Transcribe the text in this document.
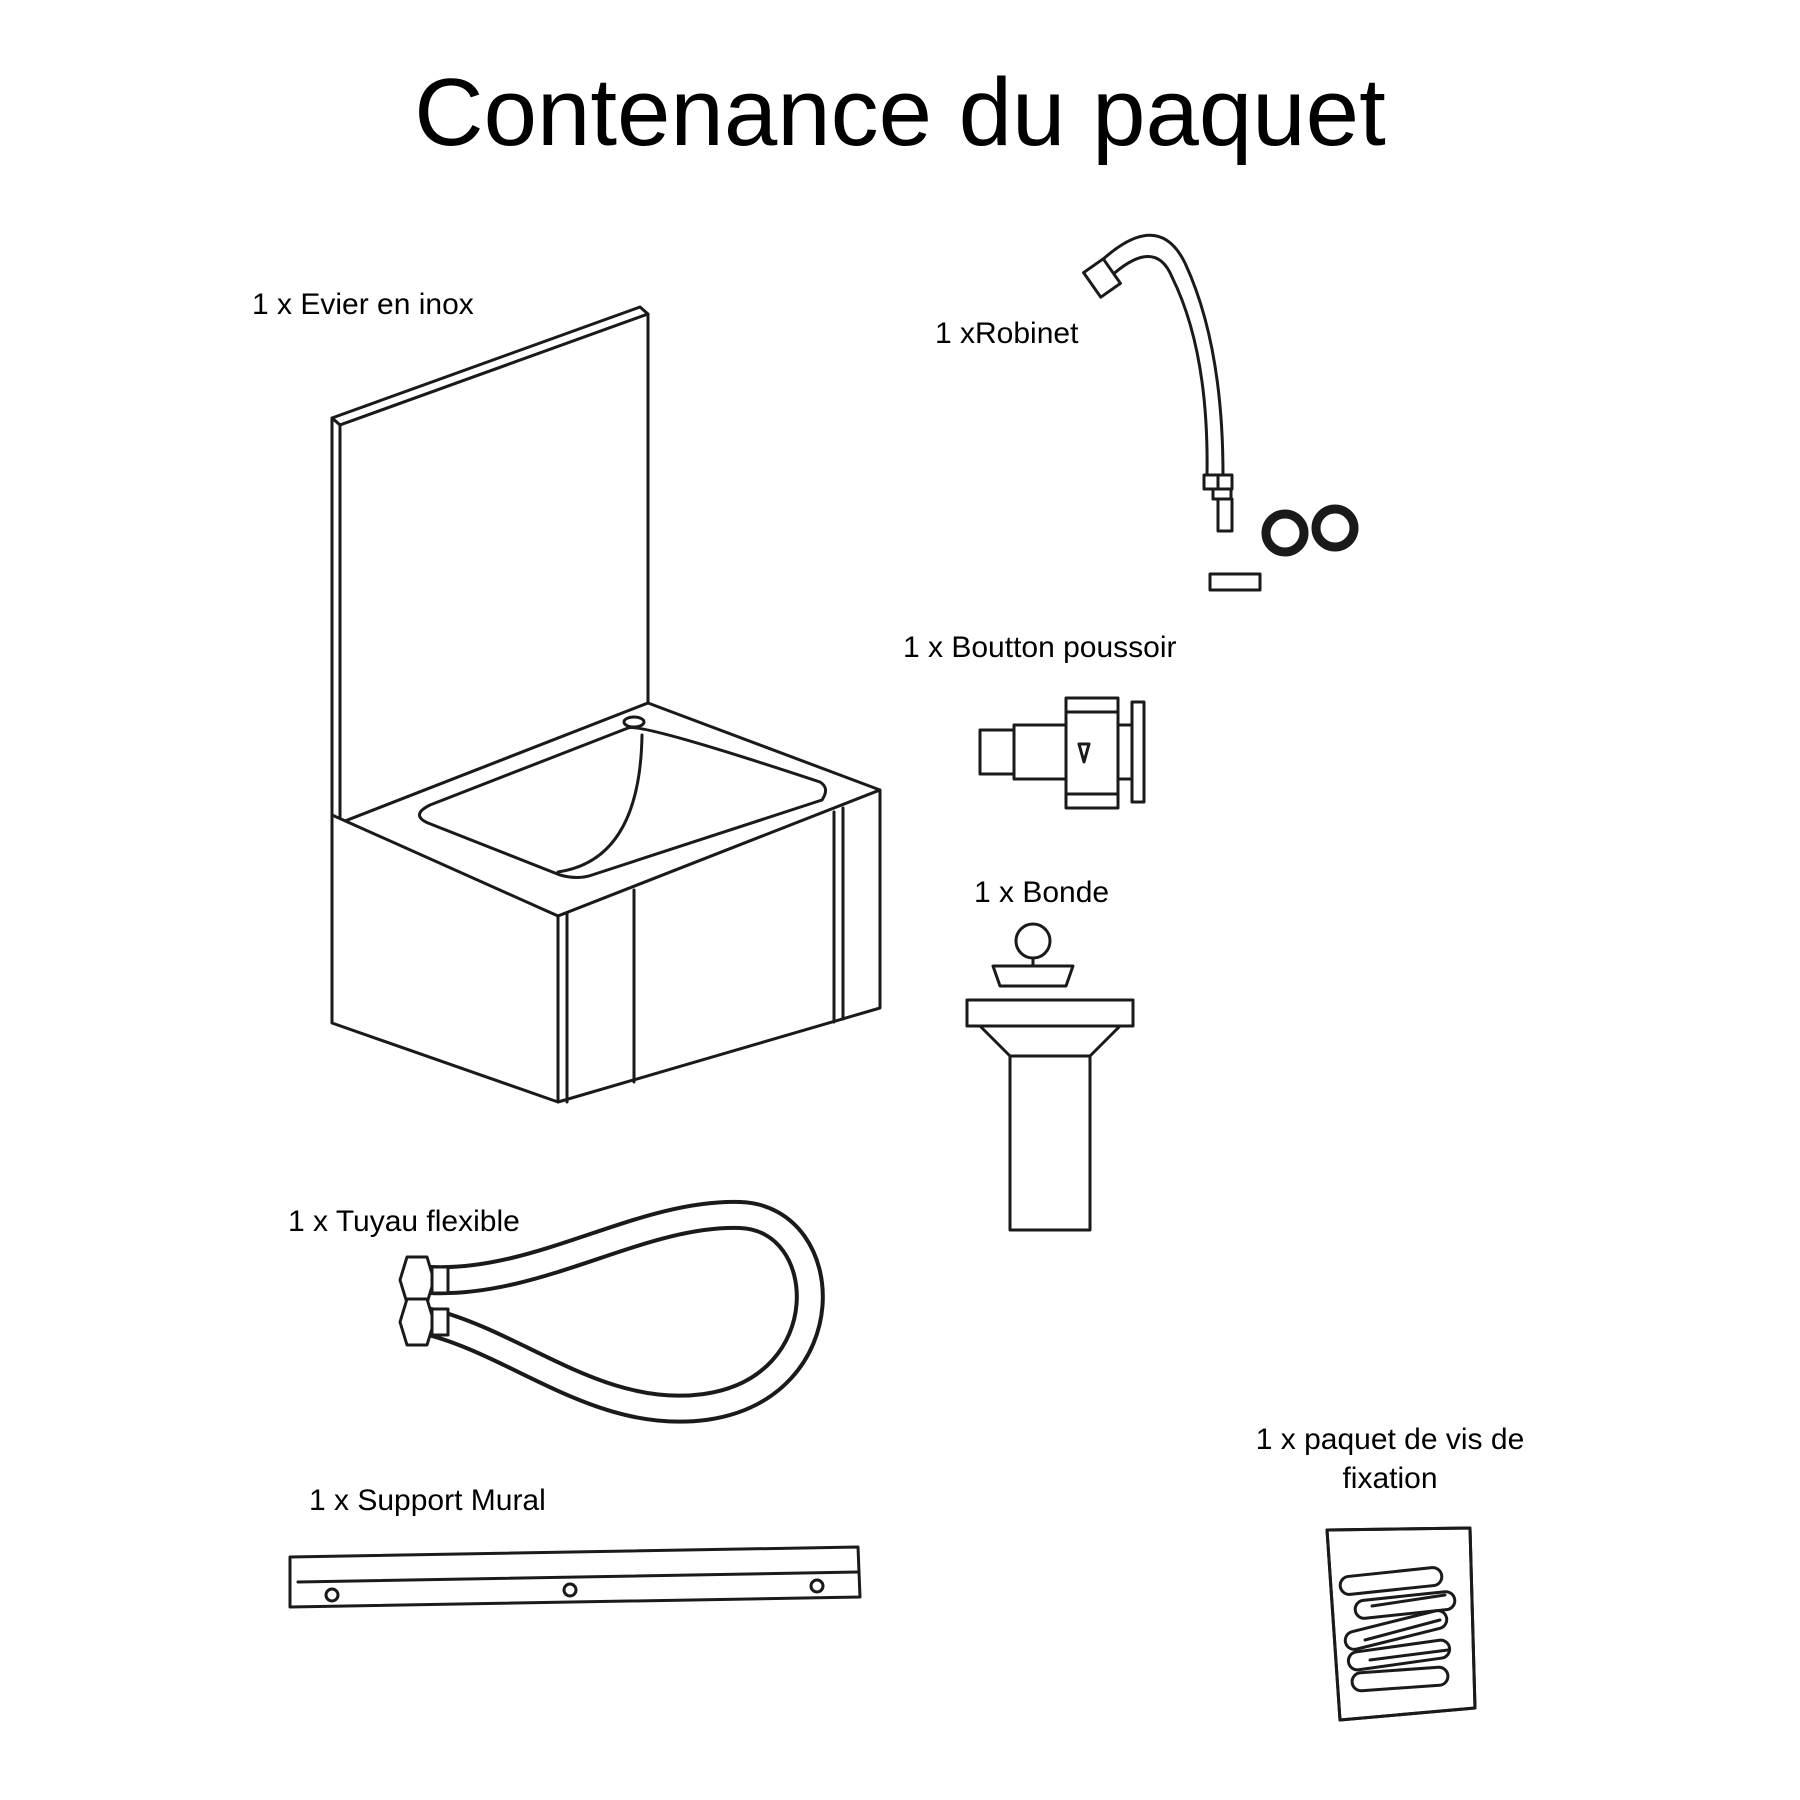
Contenance du paquet
1 x Evier en inox
1 xRobinet
1 x Boutton poussoir
1 x Bonde
1 x Tuyau flexible
1 x Support Mural
1 x paquet de vis de fixation
